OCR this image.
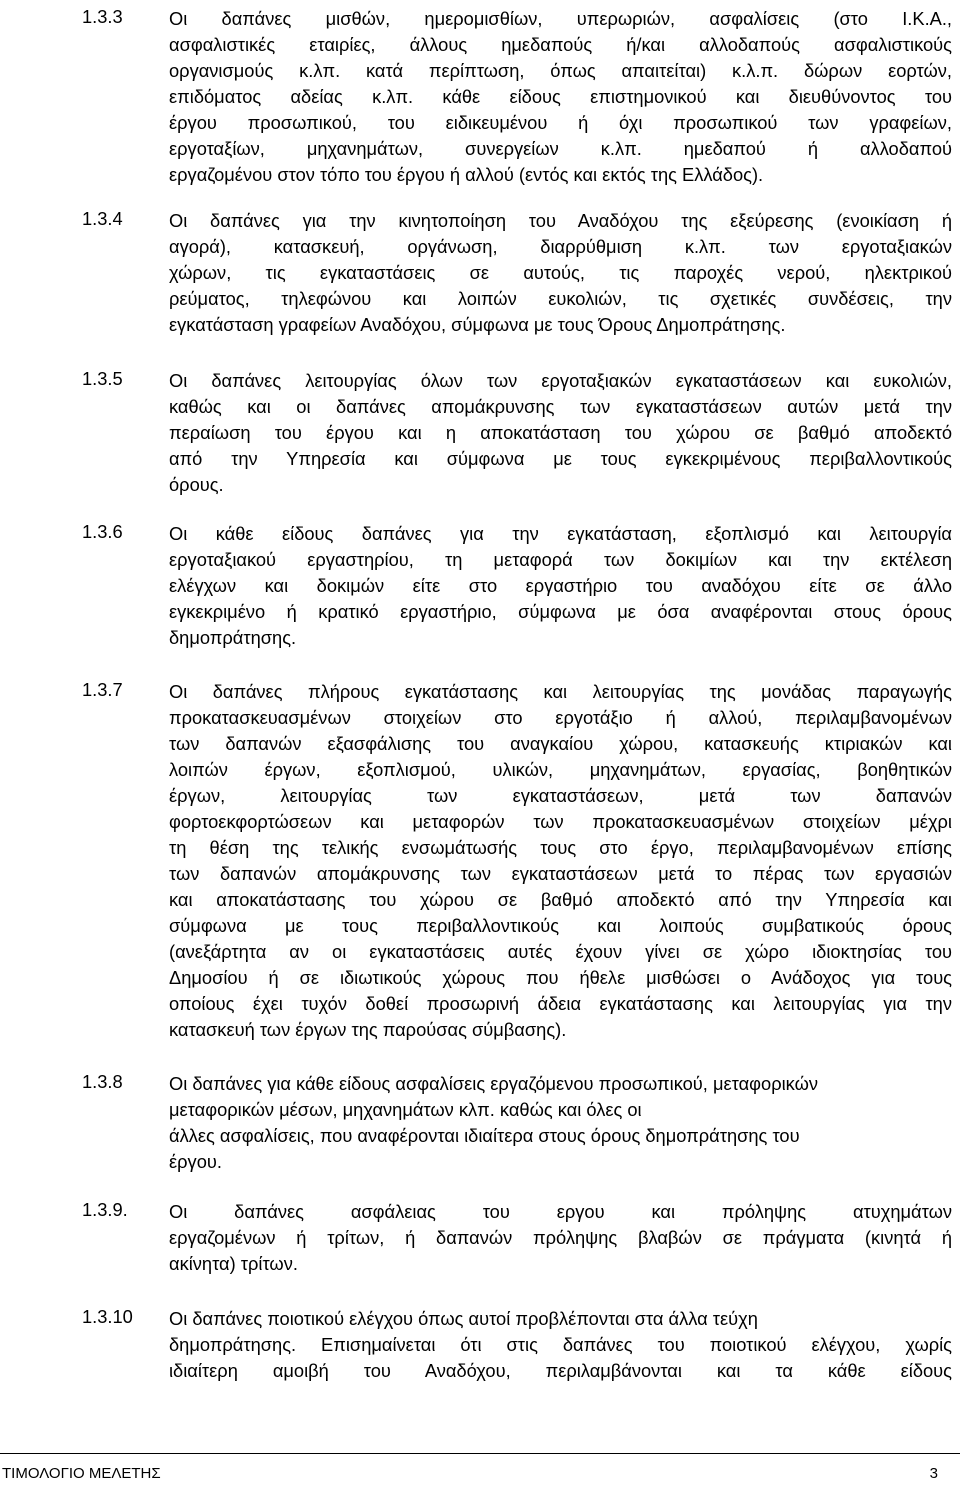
1.3.3	Οι δαπάνες μισθών, ημερομισθίων, υπερωριών, ασφαλίσεις (στο Ι.Κ.Α.,
ασφαλιστικές εταιρίες, άλλους ημεδαπούς ή/και αλλοδαπούς ασφαλιστικούς
οργανισμούς κ.λπ. κατά περίπτωση, όπως απαιτείται) κ.λ.π. δώρων εορτών,
επιδόματος αδείας κ.λπ. κάθε είδους επιστημονικού και διευθύνοντος του
έργου προσωπικού, του ειδικευμένου ή όχι προσωπικού των γραφείων,
εργοταξίων, μηχανημάτων, συνεργείων κ.λπ. ημεδαπού ή αλλοδαπού
εργαζομένου στον τόπο του έργου ή αλλού (εντός και εκτός της Ελλάδος).
1.3.4	Οι δαπάνες για την κινητοποίηση του Αναδόχου της εξεύρεσης (ενοικίαση ή
αγορά), κατασκευή, οργάνωση, διαρρύθμιση κ.λπ. των εργοταξιακών
χώρων, τις εγκαταστάσεις σε αυτούς, τις παροχές νερού, ηλεκτρικού
ρεύματος, τηλεφώνου και λοιπών ευκολιών, τις σχετικές συνδέσεις, την
εγκατάσταση γραφείων Αναδόχου, σύμφωνα με τους Όρους Δημοπράτησης.
1.3.5	Οι δαπάνες λειτουργίας όλων των εργοταξιακών εγκαταστάσεων και ευκολιών,
καθώς και οι δαπάνες απομάκρυνσης των εγκαταστάσεων αυτών μετά την
περαίωση του έργου και η αποκατάσταση του χώρου σε βαθμό αποδεκτό
από την Υπηρεσία και σύμφωνα με τους εγκεκριμένους περιβαλλοντικούς
όρους.
1.3.6	Οι κάθε είδους δαπάνες για την εγκατάσταση, εξοπλισμό και λειτουργία
εργοταξιακού εργαστηρίου, τη μεταφορά των δοκιμίων και την εκτέλεση
ελέγχων και δοκιμών είτε στο εργαστήριο του αναδόχου είτε σε άλλο
εγκεκριμένο ή κρατικό εργαστήριο, σύμφωνα με όσα αναφέρονται στους όρους
δημοπράτησης.
1.3.7	Οι δαπάνες πλήρους εγκατάστασης και λειτουργίας της μονάδας παραγωγής
προκατασκευασμένων στοιχείων στο εργοτάξιο ή αλλού, περιλαμβανομένων
των δαπανών εξασφάλισης του αναγκαίου χώρου, κατασκευής κτιριακών και
λοιπών έργων, εξοπλισμού, υλικών, μηχανημάτων, εργασίας, βοηθητικών
έργων, λειτουργίας των εγκαταστάσεων, μετά των δαπανών
φορτοεκφορτώσεων και μεταφορών των προκατασκευασμένων στοιχείων μέχρι
τη θέση της τελικής ενσωμάτωσής τους στο έργο, περιλαμβανομένων επίσης
των δαπανών απομάκρυνσης των εγκαταστάσεων μετά το πέρας των εργασιών
και αποκατάστασης του χώρου σε βαθμό αποδεκτό από την Υπηρεσία και
σύμφωνα με τους περιβαλλοντικούς και λοιπούς συμβατικούς όρους
(ανεξάρτητα αν οι εγκαταστάσεις αυτές έχουν γίνει σε χώρο ιδιοκτησίας του
Δημοσίου ή σε ιδιωτικούς χώρους που ήθελε μισθώσει ο Ανάδοχος για τους
οποίους έχει τυχόν δοθεί προσωρινή άδεια εγκατάστασης και λειτουργίας για την
κατασκευή των έργων της παρούσας σύμβασης).
1.3.8	Οι δαπάνες για κάθε είδους ασφαλίσεις εργαζόμενου προσωπικού, μεταφορικών
μεταφορικών μέσων, μηχανημάτων κλπ. καθώς και όλες οι
άλλες ασφαλίσεις, που αναφέρονται ιδιαίτερα στους όρους δημοπράτησης του
έργου.
1.3.9. Οι δαπάνες ασφάλειας του εργου και πρόληψης ατυχημάτων
εργαζομένων ή τρίτων, ή δαπανών πρόληψης βλαβών σε πράγματα (κινητά ή
ακίνητα) τρίτων.
1.3.10 Οι δαπάνες ποιοτικού ελέγχου όπως αυτοί προβλέπονται στα άλλα τεύχη
δημοπράτησης. Επισημαίνεται ότι στις δαπάνες του ποιοτικού ελέγχου, χωρίς
ιδιαίτερη αμοιβή του Αναδόχου, περιλαμβάνονται και τα κάθε είδους
ΤΙΜΟΛΟΓΙΟ ΜΕΛΕΤΗΣ	3
